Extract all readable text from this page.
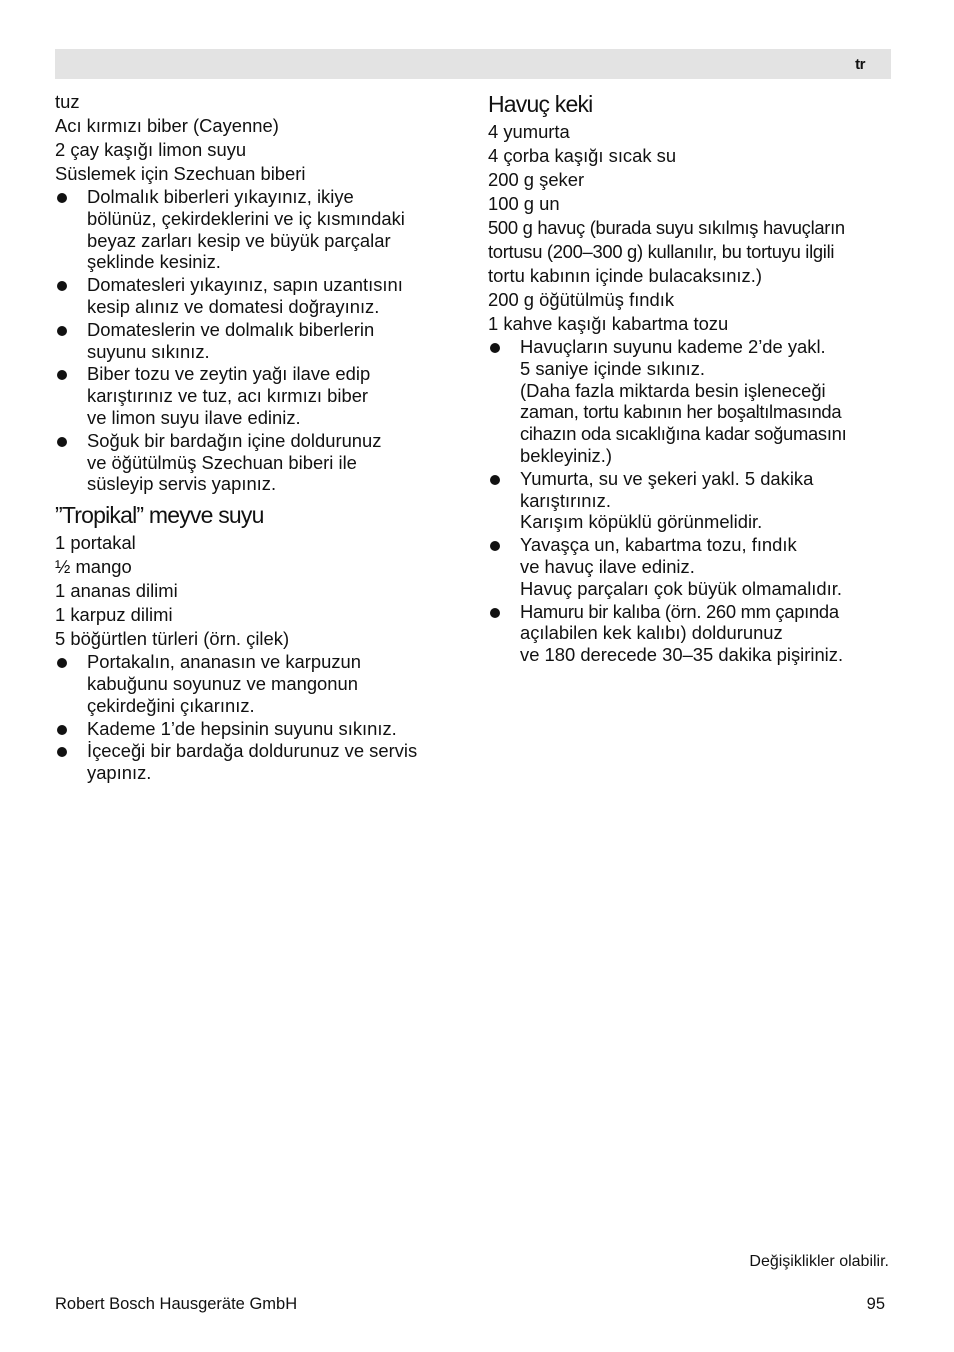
tr
tuz
Acı kırmızı biber (Cayenne)
2 çay kaşığı limon suyu
Süslemek için Szechuan biberi
Dolmalık biberleri yıkayınız, ikiye
bölünüz, çekirdeklerini ve iç kısmındaki
beyaz zarları kesip ve büyük parçalar
şeklinde kesiniz.
Domatesleri yıkayınız, sapın uzantısını
kesip alınız ve domatesi doğrayınız.
Domateslerin ve dolmalık biberlerin
suyunu sıkınız.
Biber tozu ve zeytin yağı ilave edip
karıştırınız ve tuz, acı kırmızı biber
ve limon suyu ilave ediniz.
Soğuk bir bardağın içine doldurunuz
ve öğütülmüş Szechuan biberi ile
süsleyip servis yapınız.
”Tropikal” meyve suyu
1 portakal
½ mango
1 ananas dilimi
1 karpuz dilimi
5 böğürtlen türleri (örn. çilek)
Portakalın, ananasın ve karpuzun
kabuğunu soyunuz ve mangonun
çekirdeğini çıkarınız.
Kademe 1’de hepsinin suyunu sıkınız.
İçeceği bir bardağa doldurunuz ve servis
yapınız.
Havuç keki
4 yumurta
4 çorba kaşığı sıcak su
200 g şeker
100 g un
500 g havuç (burada suyu sıkılmış havuçların
tortusu (200–300 g) kullanılır, bu tortuyu ilgili
tortu kabının içinde bulacaksınız.)
200 g öğütülmüş fındık
1 kahve kaşığı kabartma tozu
Havuçların suyunu kademe 2’de yakl.
5 saniye içinde sıkınız.
(Daha fazla miktarda besin işleneceği
zaman, tortu kabının her boşaltılmasında
cihazın oda sıcaklığına kadar soğumasını
bekleyiniz.)
Yumurta, su ve şekeri yakl. 5 dakika
karıştırınız.
Karışım köpüklü görünmelidir.
Yavaşça un, kabartma tozu, fındık
ve havuç ilave ediniz.
Havuç parçaları çok büyük olmamalıdır.
Hamuru bir kalıba (örn. 260 mm çapında
açılabilen kek kalıbı) doldurunuz
ve 180 derecede 30–35 dakika pişiriniz.
Değişiklikler olabilir.
Robert Bosch Hausgeräte GmbH	95
